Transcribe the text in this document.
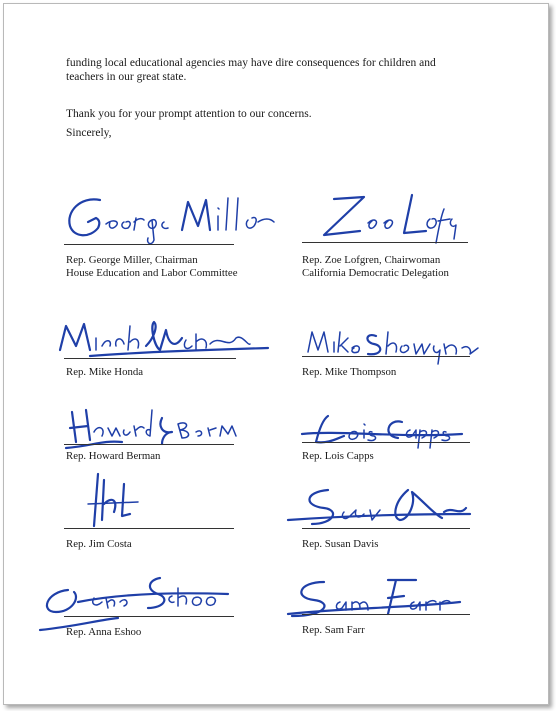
funding local educational agencies may have dire consequences for children and teachers in our great state.
Thank you for your prompt attention to our concerns.
Sincerely,
Rep. George Miller, Chairman
House Education and Labor Committee
Rep. Zoe Lofgren, Chairwoman
California Democratic Delegation
Rep. Mike Honda	Rep. Mike Thompson
Rep. Howard Berman	Rep. Lois Capps
Rep. Jim Costa	Rep. Susan Davis
Rep. Anna Eshoo	Rep. Sam Farr
